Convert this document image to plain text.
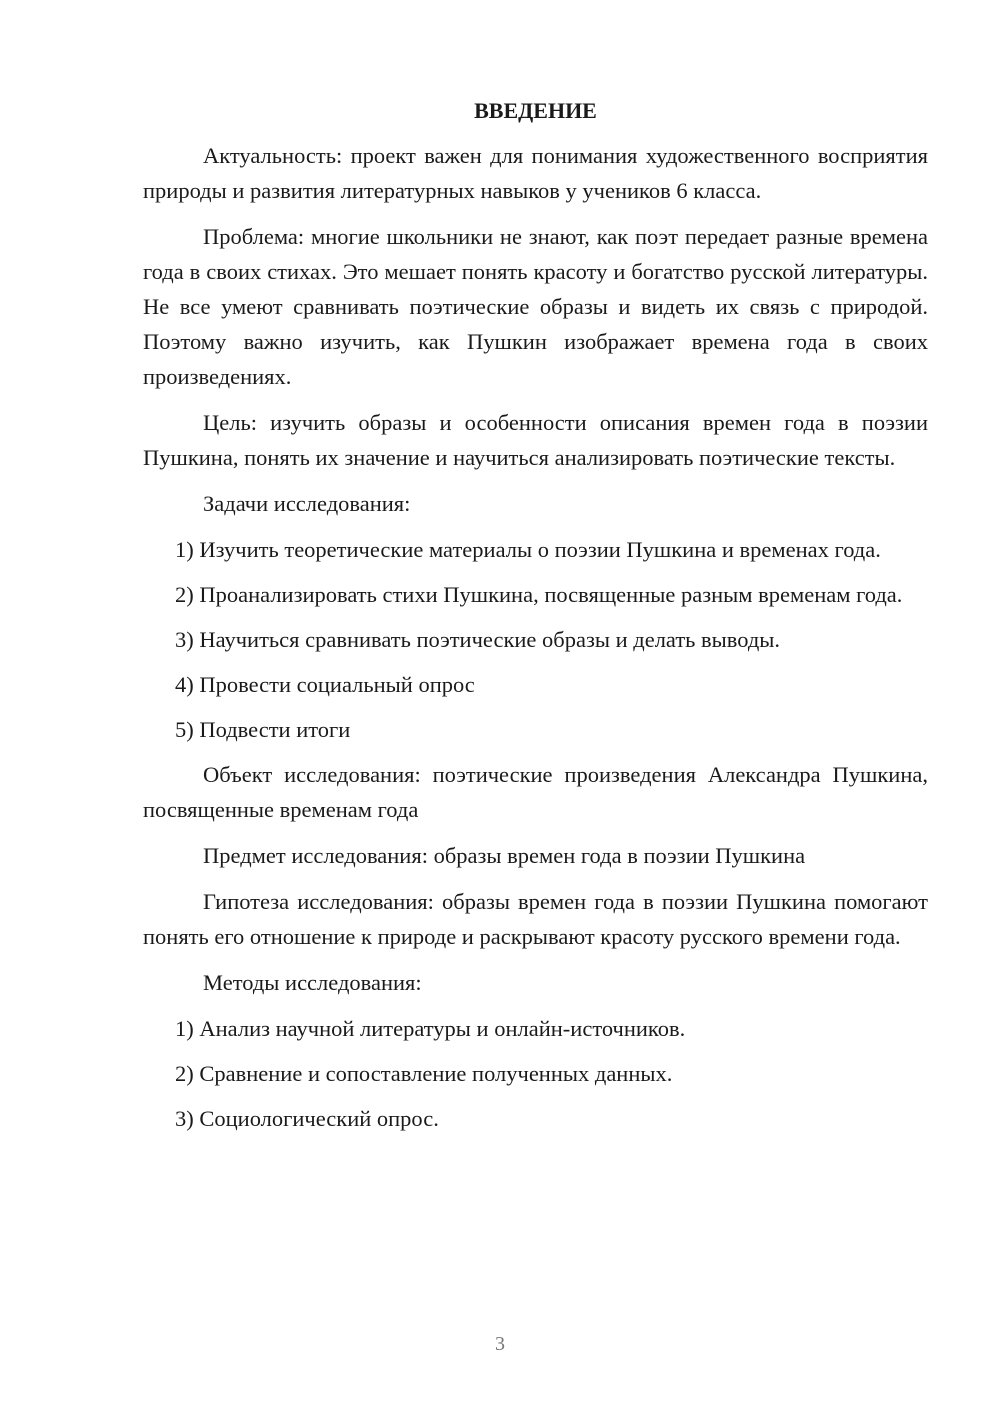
ВВЕДЕНИЕ

Актуальность: проект важен для понимания художественного восприятия природы и развития литературных навыков у учеников 6 класса.

Проблема: многие школьники не знают, как поэт передает разные времена года в своих стихах. Это мешает понять красоту и богатство русской литературы. Не все умеют сравнивать поэтические образы и видеть их связь с природой. Поэтому важно изучить, как Пушкин изображает времена года в своих произведениях.

Цель: изучить образы и особенности описания времен года в поэзии Пушкина, понять их значение и научиться анализировать поэтические тексты.

Задачи исследования:

1) Изучить теоретические материалы о поэзии Пушкина и временах года.

2) Проанализировать стихи Пушкина, посвященные разным временам года.

3) Научиться сравнивать поэтические образы и делать выводы.

4) Провести социальный опрос

5) Подвести итоги

Объект исследования: поэтические произведения Александра Пушкина, посвященные временам года

Предмет исследования: образы времен года в поэзии Пушкина

Гипотеза исследования: образы времен года в поэзии Пушкина помогают понять его отношение к природе и раскрывают красоту русского времени года.

Методы исследования:

1) Анализ научной литературы и онлайн-источников.

2) Сравнение и сопоставление полученных данных.

3) Социологический опрос.

3
